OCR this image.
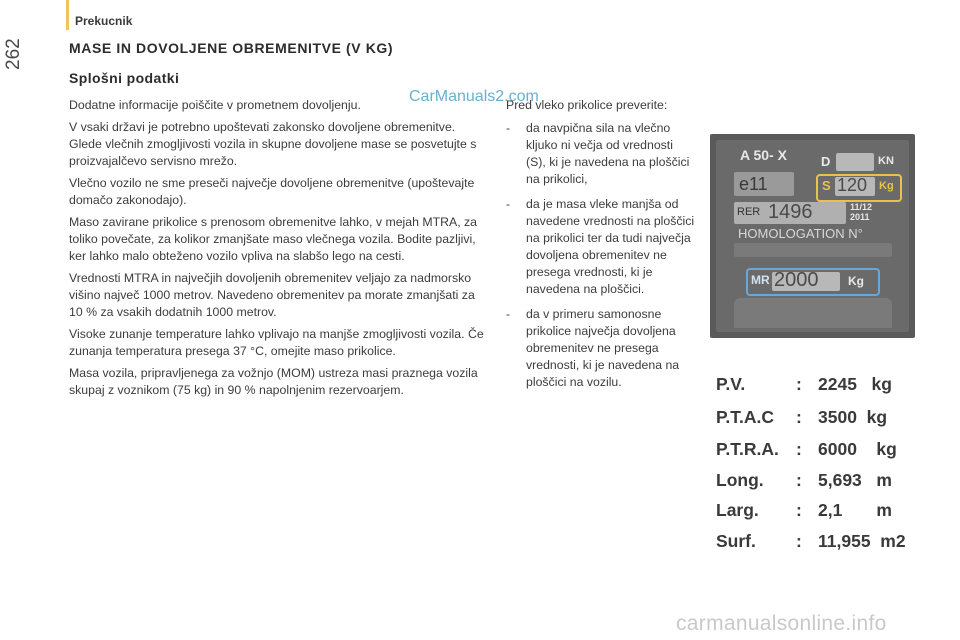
Prekucnik
262	MASE IN DOVOLJENE OBREMENITVE (V KG)
Splošni podatki

Dodatne informacije poiščite v prometnem dovoljenju.

V vsaki državi je potrebno upoštevati zakonsko dovoljene obremenitve. Glede vlečnih zmogljivosti vozila in skupne dovoljene mase se posvetujte s proizvajalčevo servisno mrežo.

Vlečno vozilo ne sme preseči največje dovoljene obremenitve (upoštevajte domačo zakonodajo).

Maso zavirane prikolice s prenosom obremenitve lahko, v mejah MTRA, za toliko povečate, za kolikor zmanjšate maso vlečnega vozila. Bodite pazljivi, ker lahko malo obteženo vozilo vpliva na slabšo lego na cesti.

Vrednosti MTRA in največjih dovoljenih obremenitev veljajo za nadmorsko višino največ 1000 metrov. Navedeno obremenitev pa morate zmanjšati za 10 % za vsakih dodatnih 1000 metrov.

Visoke zunanje temperature lahko vplivajo na manjše zmogljivosti vozila. Če zunanja temperatura presega 37 °C, omejite maso prikolice.

Masa vozila, pripravljenega za vožnjo (MOM) ustreza masi praznega vozila skupaj z voznikom (75 kg) in 90 % napolnjenim rezervoarjem.

CarManuals2.com

Pred vleko prikolice preverite:

- da navpična sila na vlečno kljuko ni večja od vrednosti (S), ki je navedena na ploščici na prikolici,
- da je masa vleke manjša od navedene vrednosti na ploščici na prikolici ter da tudi največja dovoljena obremenitev ne presega vrednosti, ki je navedena na ploščici.
- da v primeru samonosne prikolice največja dovoljena obremenitev ne presega vrednosti, ki je navedena na ploščici na vozilu.
A 50- X	D	KN
e11	S 120 Kg
RER 1496	11/12
2011
HOMOLOGATION N°
MR 2000 Kg
P.V.	: 2245   kg
P.T.A.C : 3500  kg
P.T.R.A. : 6000    kg
Long. : 5,693   m
Larg. : 2,1       m
Surf. : 11,955  m2
carmanualsonline.info
